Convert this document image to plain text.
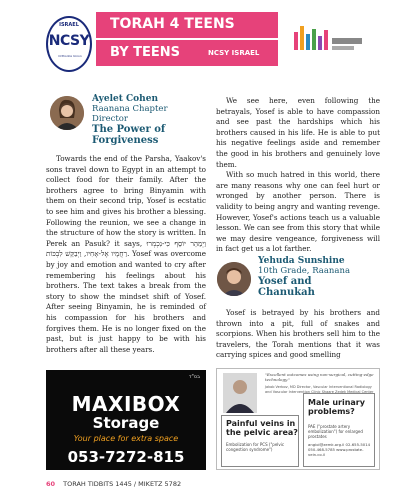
ISRAEL
NCSY
Orthodox Union
TORAH 4 TEENS
BY TEENS	NCSY ISRAEL
Ayelet Cohen
Raanana Chapter Director
The Power of Forgiveness

Towards the end of the Parsha, Yaakov's sons travel down to Egypt in an attempt to collect food for their family. After the brothers agree to bring Binyamin with them on their second trip, Yosef is ecstatic to see him and gives his brother a blessing. Following the reunion, we see a change in the structure of how the story is written. In Perek an Pasuk? it says, וַיְמַהֵר יוֹסֵף כִּי-נִכְמְרוּ רַחֲמָיו אֶל-אָחִיו, וַיְבַקֵּשׁ לִבְכּוֹת. Yosef was overcome by joy and emotion and wanted to cry after remembering his feelings about his brothers. The text takes a break from the story to show the mindset shift of Yosef. After seeing Binyamin, he is reminded of his compassion for his brothers and forgives them. He is no longer fixed on the past, but is just happy to be with his brothers after all these years.

We see here, even following the betrayals, Yosef is able to have compassion and see past the hardships which his brothers caused in his life. He is able to put his negative feelings aside and remember the good in his brothers and genuinely love them.

With so much hatred in this world, there are many reasons why one can feel hurt or wronged by another person. There is validity to being angry and wanting revenge. However, Yosef's actions teach us a valuable lesson. We can see from this story that while we may desire vengeance, forgiveness will in fact get us a lot farther.

Yehuda Sunshine
10th Grade, Raanana
Yosef and Chanukah

Yosef is betrayed by his brothers and thrown into a pit, full of snakes and scorpions. When his brothers sell him to the travelers, the Torah mentions that it was carrying spices and good smelling

בס"ד
MAXIBOX
Storage
Your place for extra space
053-7272-815
"Excellent outcomes using non-surgical, cutting-edge technology."
Jakob Verbov, MD Director, Vascular Interventional Radiology and Vascular Intervention Clinic Shaare Zedek Medical Center
Painful veins in the pelvic area?
Embolization for PCS ("pelvic congestion syndrome")
Male urinary problems?
PAE ("prostate artery embolization") for enlarged prostates
angiol@zemk.org.il 02-655-5014 050-468-5785 www.prostate-vein.co.il
60 TORAH TIDBITS 1445 / MIKETZ 5782
